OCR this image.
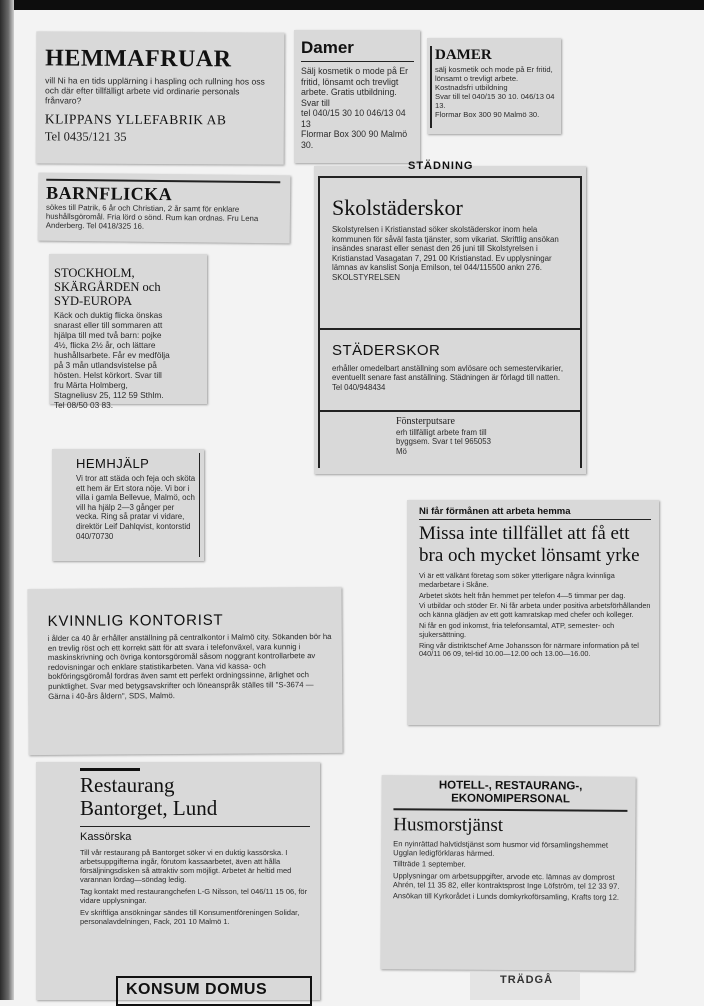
HEMMAFRUAR

vill Ni ha en tids upplärning i haspling och rullning hos oss och där efter tillfälligt arbete vid ordinarie personals frånvaro?

KLIPPANS YLLEFABRIK AB

Tel 0435/121 35

Damer

Sälj kosmetik o mode på Er fritid, lönsamt och trevligt arbete. Gratis utbildning. Svar till

tel 040/15 30 10 046/13 04 13

Flormar Box 300 90 Malmö 30.

DAMER

sälj kosmetik och mode på Er fritid, lönsamt o trevligt arbete. Kostnadsfri utbildning

Svar till tel 040/15 30 10. 046/13 04 13.

Flormar Box 300 90 Malmö 30.

BARNFLICKA

sökes till Patrik, 6 år och Christian, 2 år samt för enklare hushållsgöromål. Fria lörd o sönd. Rum kan ordnas. Fru Lena Anderberg. Tel 0418/325 16.

STÄDNING

Skolstäderskor

Skolstyrelsen i Kristianstad söker skolstäderskor inom hela kommunen för såväl fasta tjänster, som vikariat. Skriftlig ansökan insändes snarast eller senast den 26 juni till Skolstyrelsen i Kristianstad Vasagatan 7, 291 00 Kristianstad. Ev upplysningar lämnas av kanslist Sonja Emilson, tel 044/115500 ankn 276.

SKOLSTYRELSEN

STÄDERSKOR

erhåller omedelbart anställning som avlösare och semestervikarier, eventuellt senare fast anställning. Städningen är förlagd till natten.

Tel 040/948434

Fönsterputsare

erh tillfälligt arbete fram till byggsem. Svar t tel 965053 Mö

STOCKHOLM, SKÄRGÅRDEN och SYD-EUROPA

Käck och duktig flicka önskas snarast eller till sommaren att hjälpa till med två barn: pojke 4½, flicka 2½ år, och lättare hushållsarbete. Får ev medfölja på 3 mån utlandsvistelse på hösten. Helst körkort. Svar till fru Märta Holmberg, Stagneliusv 25, 112 59 Sthlm. Tel 08/50 03 83.

HEMHJÄLP

Vi tror att städa och feja och sköta ett hem är Ert stora nöje. Vi bor i villa i gamla Bellevue, Malmö, och vill ha hjälp 2—3 gånger per vecka. Ring så pratar vi vidare, direktör Leif Dahlqvist, kontorstid 040/70730

Ni får förmånen att arbeta hemma

Missa inte tillfället att få ett bra och mycket lönsamt yrke

Vi är ett välkänt företag som söker ytterligare några kvinnliga medarbetare i Skåne.

Arbetet sköts helt från hemmet per telefon 4—5 timmar per dag.

Vi utbildar och stöder Er. Ni får arbeta under positiva arbetsförhållanden och känna glädjen av ett gott kamratskap med chefer och kolleger.

Ni får en god inkomst, fria telefonsamtal, ATP, semester- och sjukersättning.

Ring vår distriktschef Arne Johansson för närmare information på tel 040/11 06 09, tel-tid 10.00—12.00 och 13.00—16.00.

KVINNLIG KONTORIST

i ålder ca 40 år erhåller anställning på centralkontor i Malmö city. Sökanden bör ha en trevlig röst och ett korrekt sätt för att svara i telefonväxel, vara kunnig i maskinskrivning och övriga kontorsgöromål såsom noggrant kontrollarbete av redovisningar och enklare statistikarbeten. Vana vid kassa- och bokföringsgöromål fordras även samt ett perfekt ordningssinne, ärlighet och punktlighet. Svar med betygsavskrifter och löneanspråk ställes till "S-3674 — Gärna i 40-års åldern", SDS, Malmö.

Restaurang

Bantorget, Lund

Kassörska

Till vår restaurang på Bantorget söker vi en duktig kassörska. I arbetsuppgifterna ingår, förutom kassaarbetet, även att hålla försäljningsdisken så attraktiv som möjligt. Arbetet är heltid med varannan lördag—söndag ledig.

Tag kontakt med restaurangchefen L-G Nilsson, tel 046/11 15 06, för vidare upplysningar.

Ev skriftliga ansökningar sändes till Konsumentföreningen Solidar, personalavdelningen, Fack, 201 10 Malmö 1.

KONSUM DOMUS

HOTELL-, RESTAURANG-, EKONOMIPERSONAL

Husmorstjänst

En nyinrättad halvtidstjänst som husmor vid församlingshemmet Ugglan ledigförklaras härmed.

Tillträde 1 september.

Upplysningar om arbetsuppgifter, arvode etc. lämnas av domprost Ahrén, tel 11 35 82, eller kontraktsprost Inge Löfström, tel 12 33 97.

Ansökan till Kyrkorådet i Lunds domkyrkoförsamling, Krafts torg 12.

TRÄDGÅ
